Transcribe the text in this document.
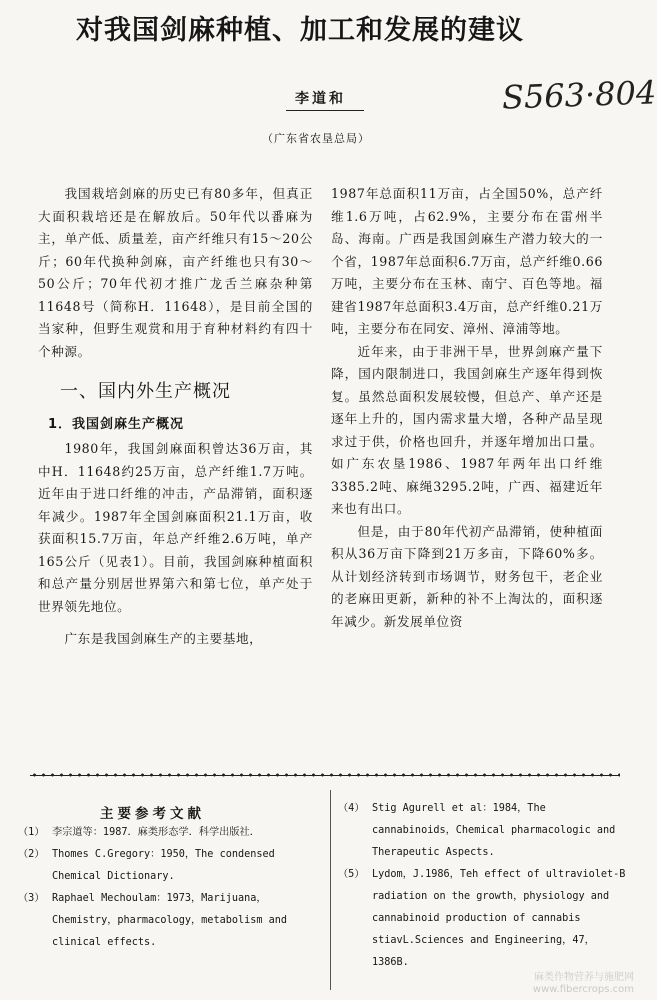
对我国剑麻种植、加工和发展的建议
S563·804
李道和
（广东省农垦总局）

我国栽培剑麻的历史已有80多年，但真正大面积栽培还是在解放后。50年代以番麻为主，单产低、质量差，亩产纤维只有15～20公斤；60年代换种剑麻，亩产纤维也只有30～50公斤；70年代初才推广龙舌兰麻杂种第11648号（简称H．11648），是目前全国的当家种，但野生观赏和用于育种材料约有四十个种源。

一、国内外生产概况

1．我国剑麻生产概况

1980年，我国剑麻面积曾达36万亩，其中H．11648约25万亩，总产纤维1.7万吨。近年由于进口纤维的冲击，产品滞销，面积逐年减少。1987年全国剑麻面积21.1万亩，收获面积15.7万亩，年总产纤维2.6万吨，单产165公斤（见表1）。目前，我国剑麻种植面积和总产量分别居世界第六和第七位，单产处于世界领先地位。

广东是我国剑麻生产的主要基地，

1987年总面积11万亩，占全国50%，总产纤维1.6万吨，占62.9%，主要分布在雷州半岛、海南。广西是我国剑麻生产潜力较大的一个省，1987年总面积6.7万亩，总产纤维0.66万吨，主要分布在玉林、南宁、百色等地。福建省1987年总面积3.4万亩，总产纤维0.21万吨，主要分布在同安、漳州、漳浦等地。

近年来，由于非洲干旱，世界剑麻产量下降，国内限制进口，我国剑麻生产逐年得到恢复。虽然总面积发展较慢，但总产、单产还是逐年上升的，国内需求量大增，各种产品呈现求过于供，价格也回升，并逐年增加出口量。如广东农垦1986、1987年两年出口纤维3385.2吨、麻绳3295.2吨，广西、福建近年来也有出口。

但是，由于80年代初产品滞销，使种植面积从36万亩下降到21万多亩，下降60%多。从计划经济转到市场调节，财务包干，老企业的老麻田更新，新种的补不上淘汰的，面积逐年减少。新发展单位资

主要参考文献
（1） 李宗道等：1987．麻类形态学．科学出版社．
（2） Thomes C.Gregory：1950，The condensed Chemical Dictionary.
（3） Raphael Mechoulam：1973，Marijuana，Chemistry，pharmacology，metabolism and clinical effects.
（4） Stig Agurell et al：1984，The cannabinoids，Chemical pharmacologic and Therapeutic Aspects.
（5） Lydom，J.1986，Teh effect of ultraviolet-B radiation on the growth，physiology and cannabinoid production of cannabis stiavL.Sciences and Engineering，47，1386B.
麻类作物营养与施肥网
www.fibercrops.com
